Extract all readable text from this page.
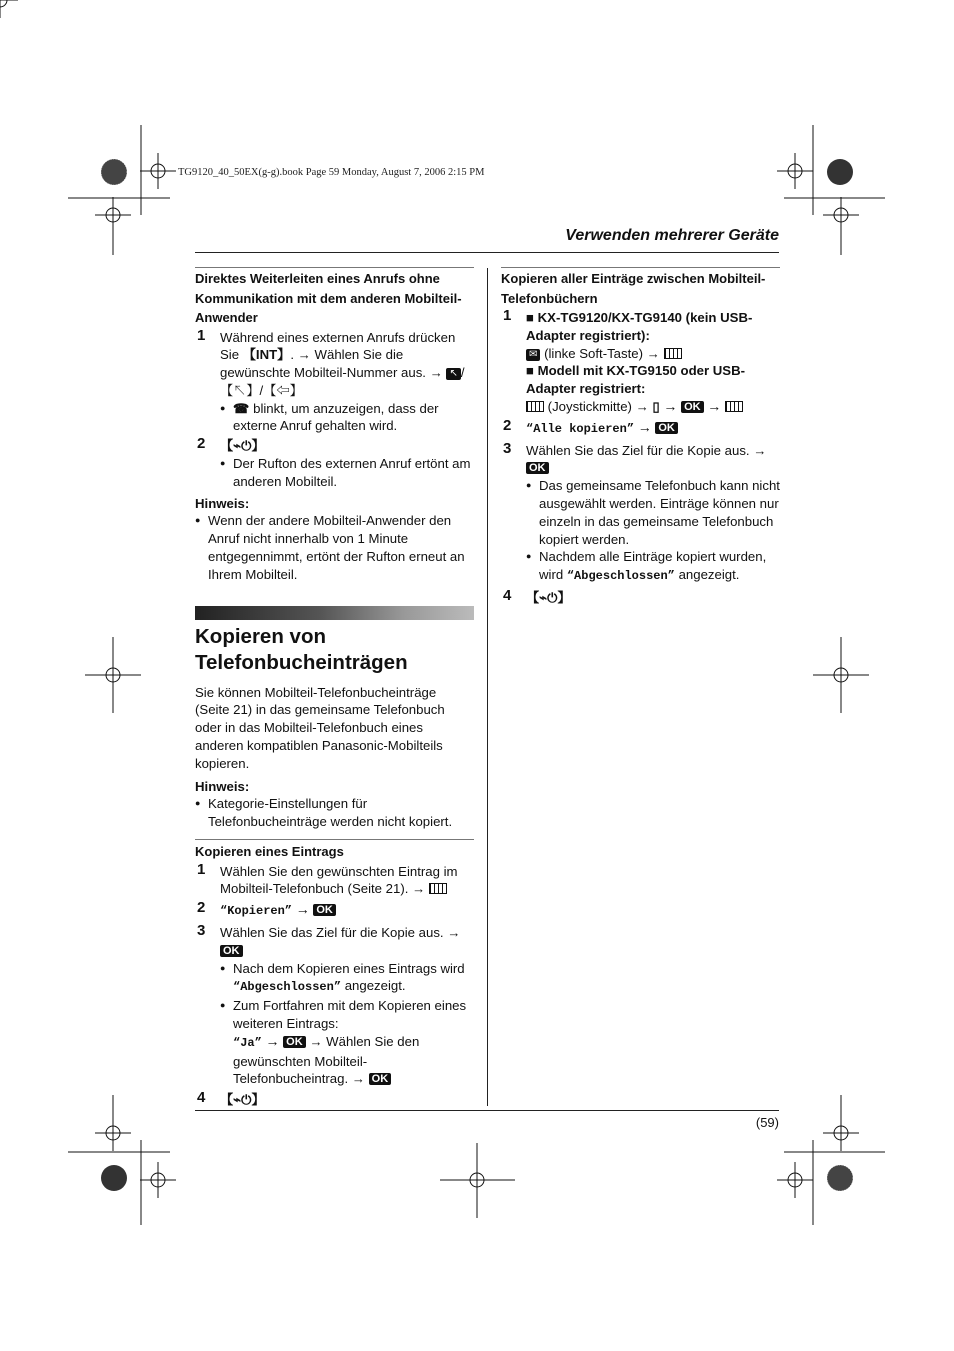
TG9120_40_50EX(g-g).book Page 59 Monday, August 7, 2006 2:15 PM
Verwenden mehrerer Geräte
(59)
Direktes Weiterleiten eines Anrufs ohne Kommunikation mit dem anderen Mobilteil-Anwender
1 Während eines externen Anrufs drücken Sie 【INT】. → Wählen Sie die gewünschte Mobilteil-Nummer aus. → ↖ /【↖】/【⇦】
● ☎ blinkt, um anzuzeigen, dass der externe Anruf gehalten wird.
2 【⌁⏻】
● Der Rufton des externen Anruf ertönt am anderen Mobilteil.
Hinweis:
● Wenn der andere Mobilteil-Anwender den Anruf nicht innerhalb von 1 Minute entgegennimmt, ertönt der Rufton erneut an Ihrem Mobilteil.
Kopieren von Telefonbucheinträgen
Sie können Mobilteil-Telefonbucheinträge (Seite 21) in das gemeinsame Telefonbuch oder in das Mobilteil-Telefonbuch eines anderen kompatiblen Panasonic-Mobilteils kopieren.
Hinweis:
● Kategorie-Einstellungen für Telefonbucheinträge werden nicht kopiert.
Kopieren eines Eintrags
1 Wählen Sie den gewünschten Eintrag im Mobilteil-Telefonbuch (Seite 21). →
2 “Kopieren” → OK
3 Wählen Sie das Ziel für die Kopie aus. →
OK
● Nach dem Kopieren eines Eintrags wird “Abgeschlossen” angezeigt.
● Zum Fortfahren mit dem Kopieren eines weiteren Eintrags:
“Ja” → OK → Wählen Sie den gewünschten Mobilteil-Telefonbucheintrag. → OK
4 【⌁⏻】
Kopieren aller Einträge zwischen Mobilteil-Telefonbüchern
1 ■ KX-TG9120/KX-TG9140 (kein USB-Adapter registriert):
✉ (linke Soft-Taste) →
■ Modell mit KX-TG9150 oder USB-Adapter registriert:
(Joystickmitte) → ▯ → OK →
2 “Alle kopieren” → OK
3 Wählen Sie das Ziel für die Kopie aus. →
OK
● Das gemeinsame Telefonbuch kann nicht ausgewählt werden. Einträge können nur einzeln in das gemeinsame Telefonbuch kopiert werden.
● Nachdem alle Einträge kopiert wurden, wird “Abgeschlossen” angezeigt.
4 【⌁⏻】
